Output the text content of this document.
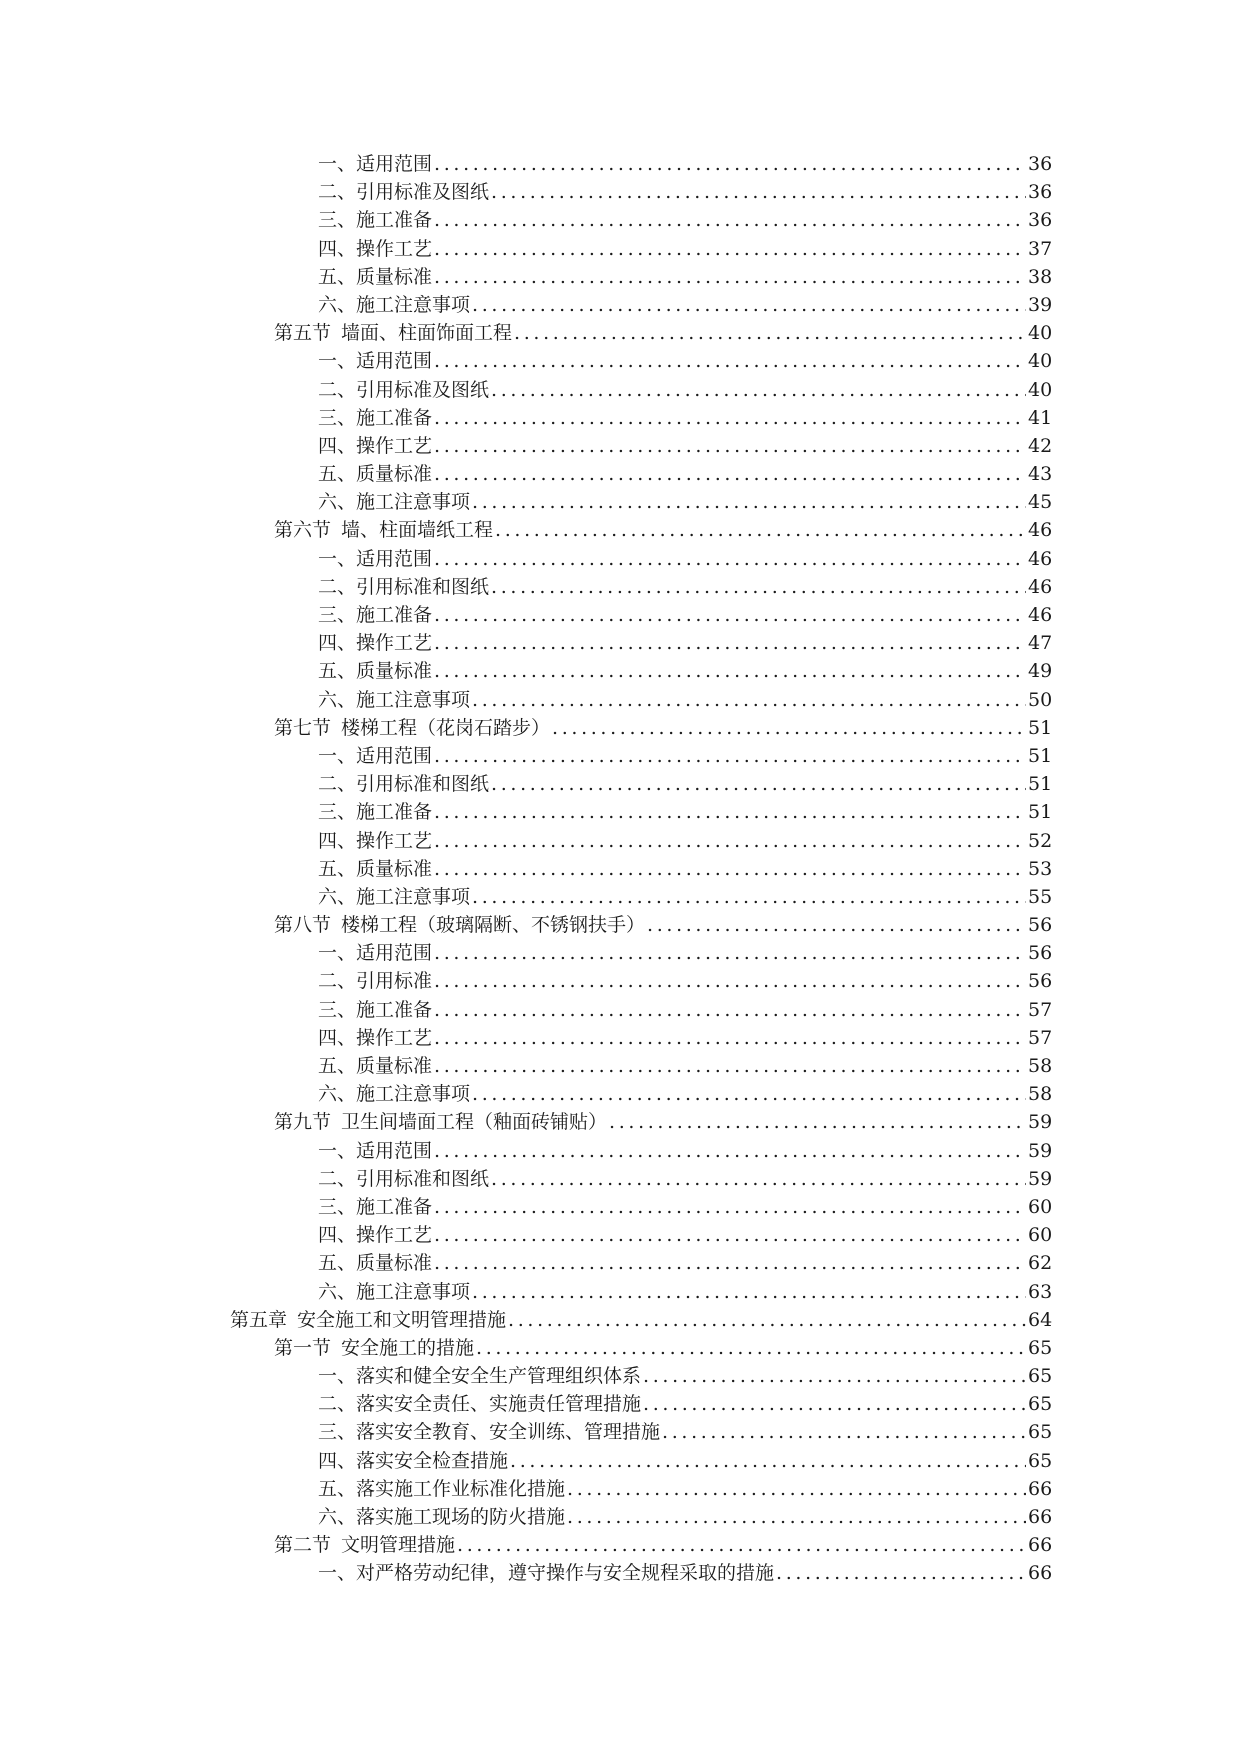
一、 适用范围 . . .	36
二、 引用标准及图纸 . . .	36
三、 施工准备 . . .	36
四、 操作工艺 . . .	37
五、 质量标准 . . .	38
六、 施工注意事项 . . .	39
第五节 墙面、柱面饰面工程 . . .	40
一、 适用范围 . . .	40
二、 引用标准及图纸 . . .	40
三、 施工准备 . . .	41
四、 操作工艺 . . .	42
五、 质量标准 . . .	43
六、 施工注意事项 . . .	45
第六节 墙、柱面墙纸工程 . . .	46
一、 适用范围 . . .	46
二、 引用标准和图纸 . . .	46
三、 施工准备 . . .	46
四、 操作工艺 . . .	47
五、 质量标准 . . .	49
六、 施工注意事项 . . .	50
第七节 楼梯工程（花岗石踏步） . . .	51
一、 适用范围 . . .	51
二、 引用标准和图纸 . . .	51
三、 施工准备 . . .	51
四、 操作工艺 . . .	52
五、 质量标准 . . .	53
六、 施工注意事项 . . .	55
第八节 楼梯工程（玻璃隔断、不锈钢扶手） . . .	56
一、 适用范围 . . .	56
二、 引用标准 . . .	56
三、 施工准备 . . .	57
四、 操作工艺 . . .	57
五、 质量标准 . . .	58
六、 施工注意事项 . . .	58
第九节 卫生间墙面工程（釉面砖铺贴） . . .	59
一、 适用范围 . . .	59
二、 引用标准和图纸 . . .	59
三、 施工准备 . . .	60
四、 操作工艺 . . .	60
五、 质量标准 . . .	62
六、 施工注意事项 . . .	63
第五章 安全施工和文明管理措施 . . .	64
第一节 安全施工的措施 . . .	65
一、 落实和健全安全生产管理组织体系 . . .	65
二、 落实安全责任、实施责任管理措施 . . .	65
三、 落实安全教育、安全训练、管理措施 . . .	65
四、 落实安全检查措施 . . .	65
五、 落实施工作业标准化措施 . . .	66
六、 落实施工现场的防火措施 . . .	66
第二节 文明管理措施 . . .	66
一、 对严格劳动纪律，遵守操作与安全规程采取的措施 . . .	66
